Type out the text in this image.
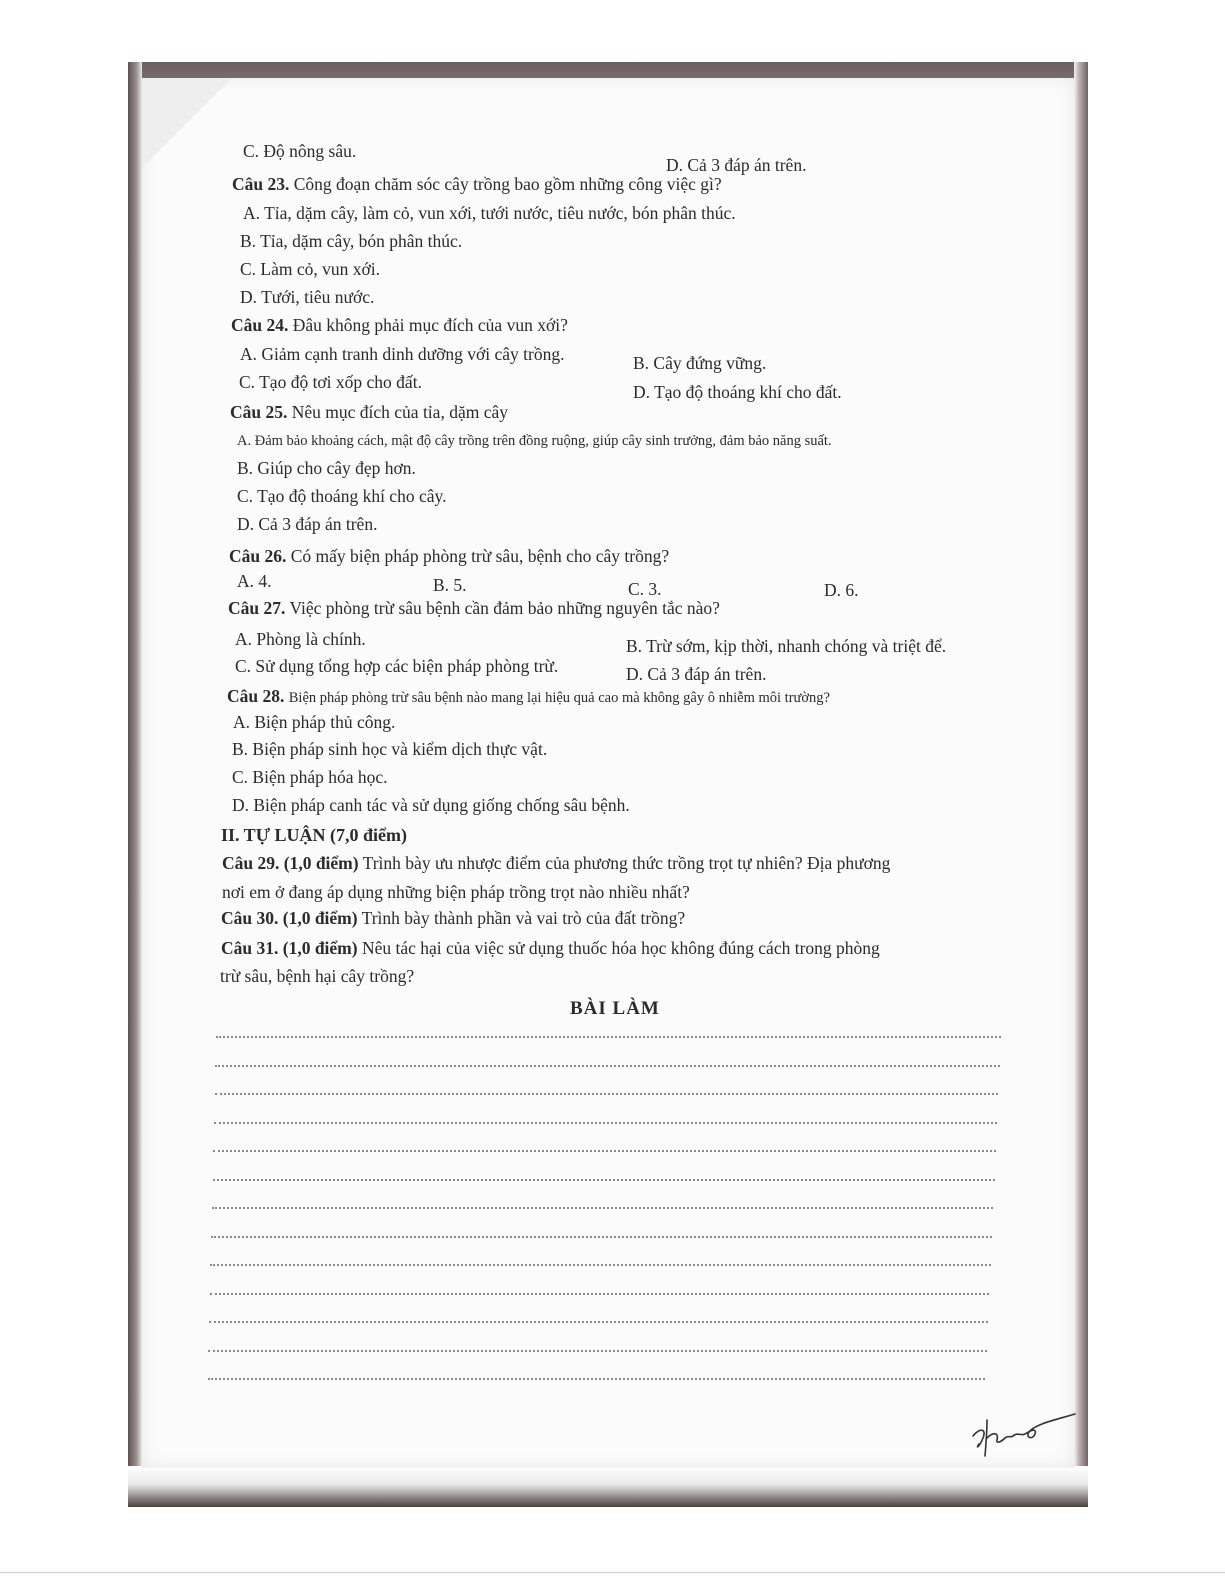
C. Độ nông sâu.
D. Cả 3 đáp án trên.
Câu 23. Công đoạn chăm sóc cây trồng bao gồm những công việc gì?
A. Tỉa, dặm cây, làm cỏ, vun xới, tưới nước, tiêu nước, bón phân thúc.
B. Tỉa, dặm cây, bón phân thúc.
C. Làm cỏ, vun xới.
D. Tưới, tiêu nước.
Câu 24. Đâu không phải mục đích của vun xới?
A. Giảm cạnh tranh dinh dưỡng với cây trồng.	B. Cây đứng vững.
C. Tạo độ tơi xốp cho đất.	D. Tạo độ thoáng khí cho đất.
Câu 25. Nêu mục đích của tỉa, dặm cây
A. Đảm bảo khoảng cách, mật độ cây trồng trên đồng ruộng, giúp cây sinh trưởng, đảm bảo năng suất.
B. Giúp cho cây đẹp hơn.
C. Tạo độ thoáng khí cho cây.
D. Cả 3 đáp án trên.
Câu 26. Có mấy biện pháp phòng trừ sâu, bệnh cho cây trồng?
A. 4.	B. 5.	C. 3.	D. 6.
Câu 27. Việc phòng trừ sâu bệnh cần đảm bảo những nguyên tắc nào?
A. Phòng là chính.	B. Trừ sớm, kịp thời, nhanh chóng và triệt để.
C. Sử dụng tổng hợp các biện pháp phòng trừ.	D. Cả 3 đáp án trên.
Câu 28. Biện pháp phòng trừ sâu bệnh nào mang lại hiệu quả cao mà không gây ô nhiễm môi trường?
A. Biện pháp thủ công.
B. Biện pháp sinh học và kiểm dịch thực vật.
C. Biện pháp hóa học.
D. Biện pháp canh tác và sử dụng giống chống sâu bệnh.
II. TỰ LUẬN (7,0 điểm)
Câu 29. (1,0 điểm) Trình bày ưu nhược điểm của phương thức trồng trọt tự nhiên? Địa phương
nơi em ở đang áp dụng những biện pháp trồng trọt nào nhiều nhất?
Câu 30. (1,0 điểm) Trình bày thành phần và vai trò của đất trồng?
Câu 31. (1,0 điểm) Nêu tác hại của việc sử dụng thuốc hóa học không đúng cách trong phòng
trừ sâu, bệnh hại cây trồng?
BÀI LÀM
